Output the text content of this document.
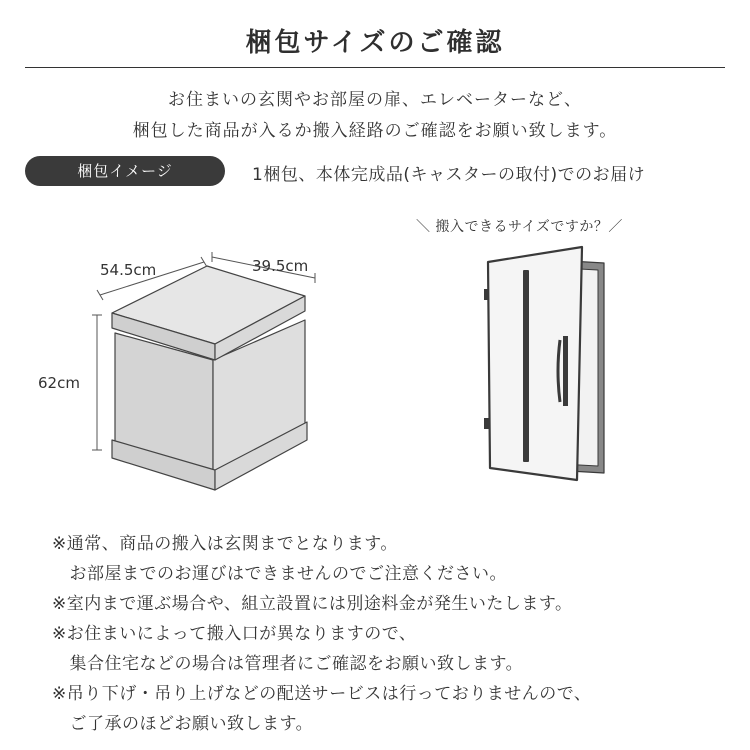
梱包サイズのご確認
お住まいの玄関やお部屋の扉、エレベーターなど、
梱包した商品が入るか搬入経路のご確認をお願い致します。
梱包イメージ	1梱包、本体完成品(キャスターの取付)でのお届け
54.5cm	39.5cm
62cm
＼ 搬入できるサイズですか？／
※通常、商品の搬入は玄関までとなります。
　お部屋までのお運びはできませんのでご注意ください。
※室内まで運ぶ場合や、組立設置には別途料金が発生いたします。
※お住まいによって搬入口が異なりますので、
　集合住宅などの場合は管理者にご確認をお願い致します。
※吊り下げ・吊り上げなどの配送サービスは行っておりませんので、
　ご了承のほどお願い致します。
